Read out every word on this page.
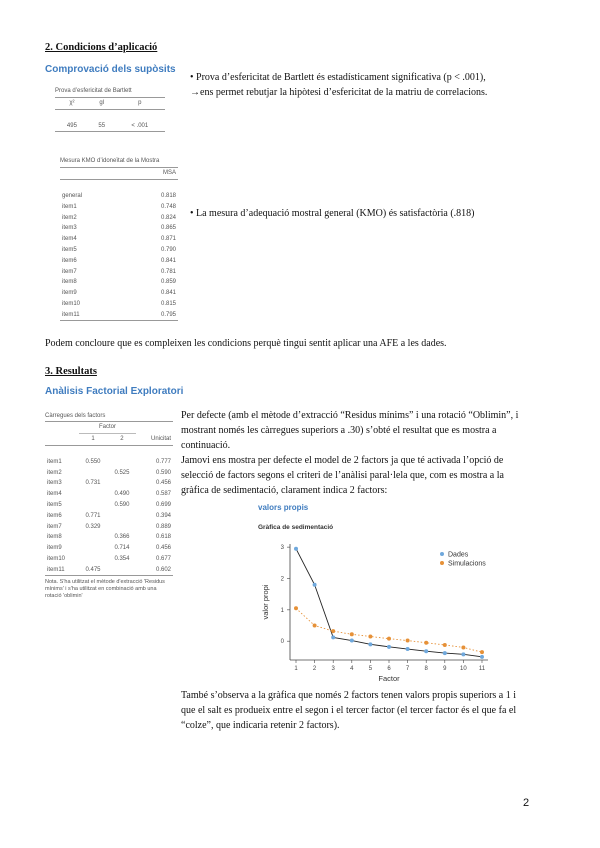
2. Condicions d’aplicació
Comprovació dels supòsits
Prova d’esfericitat de Bartlett
χ²	gl	p

495	55	< .001
• Prova d’esfericitat de Bartlett és estadísticament significativa (p < .001),
→ens permet rebutjar la hipòtesi d’esfericitat de la matriu de correlacions.
Mesura KMO d’idoneïtat de la Mostra
	MSA

general	0.818
item1	0.748
item2	0.824
item3	0.865
item4	0.871
item5	0.790
item6	0.841
item7	0.781
item8	0.859
item9	0.841
item10	0.815
item11	0.795
• La mesura d’adequació mostral general (KMO) és satisfactòria (.818)
Podem concloure que es compleixen les condicions perquè tingui sentit aplicar una AFE a les dades.
3. Resultats
Anàlisis Factorial Exploratori
Càrregues dels factors
	Factor		
	1	2	Unicitat

item1	0.550		0.777
item2		0.525	0.590
item3	0.731		0.456
item4		0.490	0.587
item5		0.590	0.699
item6	0.771		0.394
item7	0.329		0.889
item8		0.366	0.618
item9		0.714	0.456
item10		0.354	0.677
item11	0.475		0.602
Nota. S'ha utilitzat el mètode d'extracció 'Residus
mínims' i s'ha utilitzat en combinació amb una
rotació 'oblimin'
Per defecte (amb el mètode d’extracció “Residus mínims” i una rotació “Oblimin”, i
mostrant només les càrregues superiors a .30) s’obté el resultat que es mostra a
continuació.
Jamovi ens mostra per defecte el model de 2 factors ja que té activada l’opció de
selecció de factors segons el criteri de l’anàlisi paral·lela que, com es mostra a la
gràfica de sedimentació, clarament indica 2 factors:
valors propis
Gràfica de sedimentació
0
1
2
3
1	2	3	4	5	6	7	8	9 10 11
Factor
valor propi
Dades
Simulacions
També s’observa a la gràfica que només 2 factors tenen valors propis superiors a 1 i
que el salt es produeix entre el segon i el tercer factor (el tercer factor és el que fa el
“colze”, que indicaria retenir 2 factors).
2
